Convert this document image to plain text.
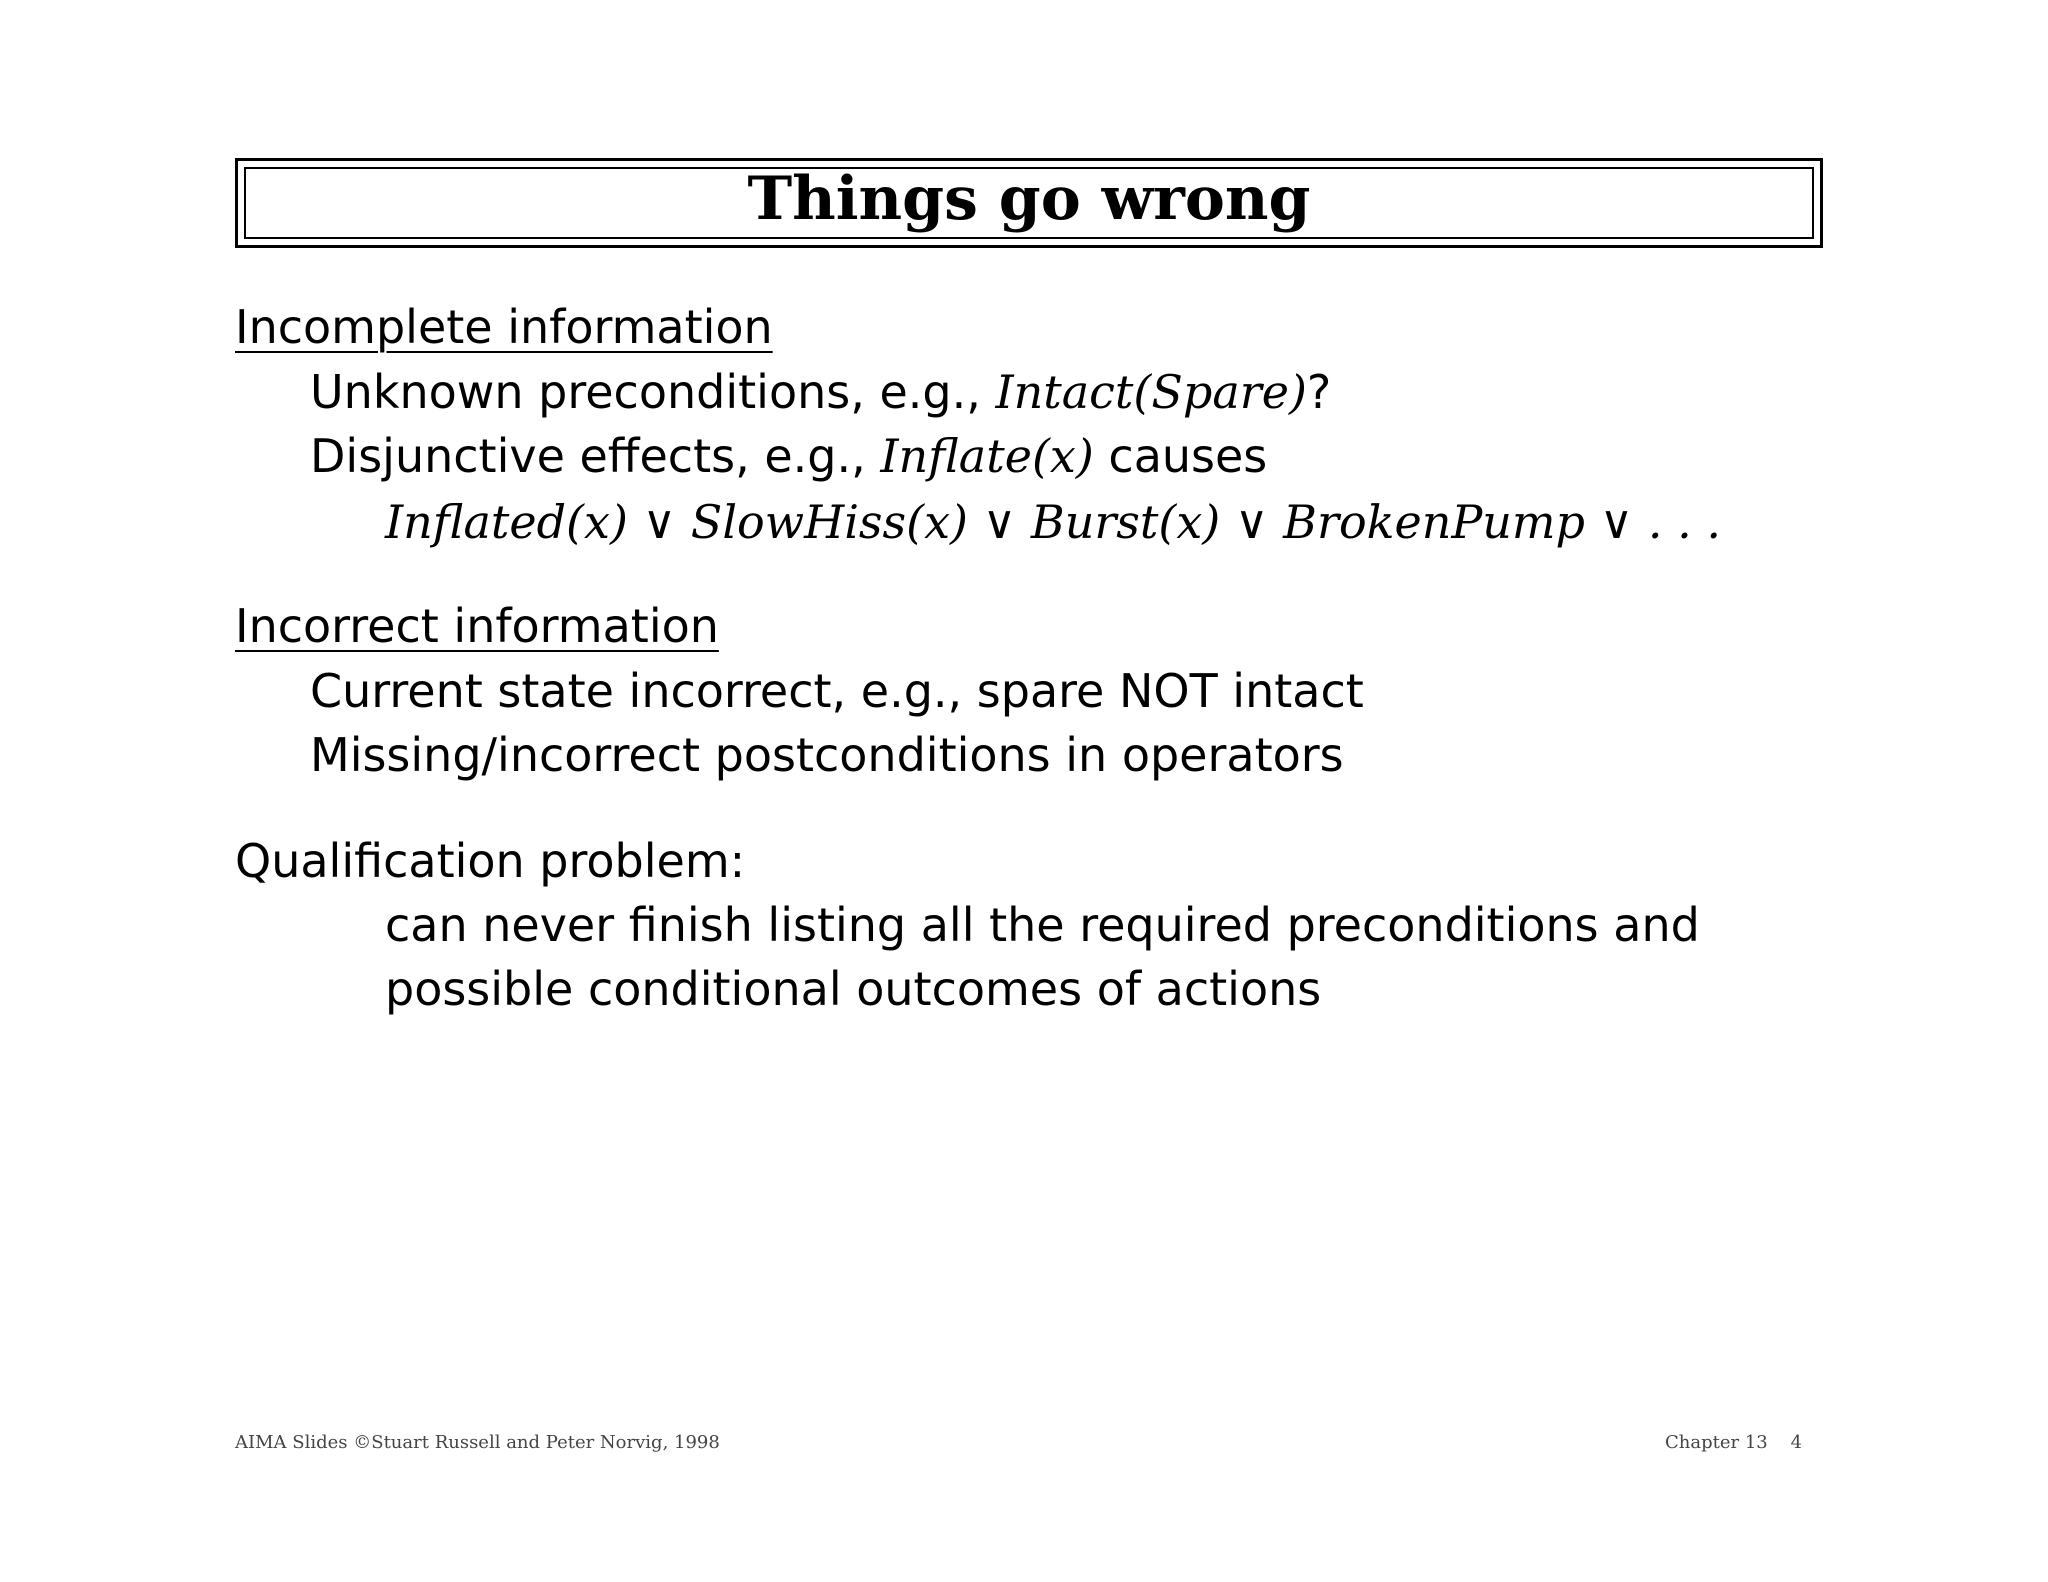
Things go wrong
Incomplete information
Unknown preconditions, e.g., Intact(Spare)?
Disjunctive effects, e.g., Inflate(x) causes
Inflated(x) ∨ SlowHiss(x) ∨ Burst(x) ∨ BrokenPump ∨ . . .
Incorrect information
Current state incorrect, e.g., spare NOT intact
Missing/incorrect postconditions in operators
Qualification problem:
can never finish listing all the required preconditions and
possible conditional outcomes of actions
AIMA Slides ©Stuart Russell and Peter Norvig, 1998	Chapter 13    4
